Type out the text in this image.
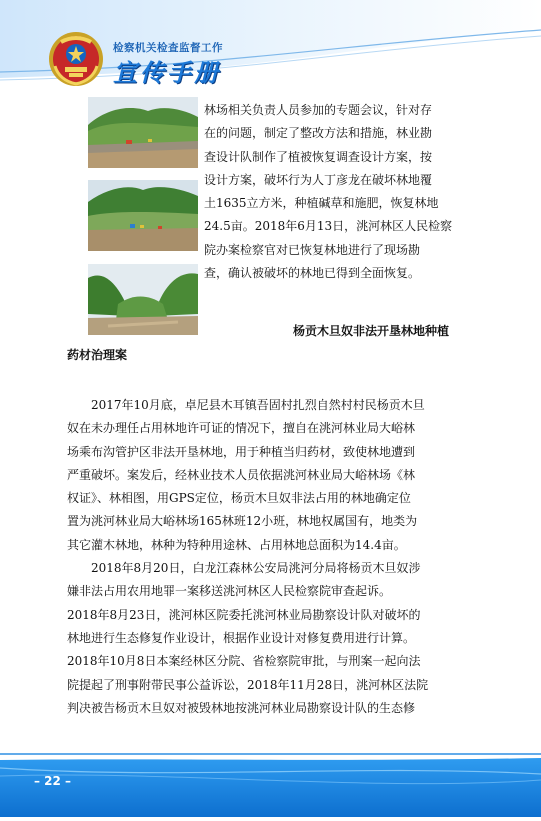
检察机关检查监督工作
宣传手册
林场相关负责人员参加的专题会议，针对存
在的问题，制定了整改方法和措施，林业勘
查设计队制作了植被恢复调查设计方案，按
设计方案，破坏行为人丁彦龙在破坏林地覆
土1635立方米，种植碱草和施肥，恢复林地
24.5亩。2018年6月13日，洮河林区人民检察
院办案检察官对已恢复林地进行了现场勘
查，确认被破坏的林地已得到全面恢复。
杨贡木旦奴非法开垦林地种植
药材治理案
2017年10月底，卓尼县木耳镇吾固村扎烈自然村村民杨贡木旦
奴在未办理任占用林地许可证的情况下，擅自在洮河林业局大峪林
场乘布沟管护区非法开垦林地，用于种植当归药材，致使林地遭到
严重破坏。案发后，经林业技术人员依据洮河林业局大峪林场《林
权证》、林相图，用GPS定位，杨贡木旦奴非法占用的林地确定位
置为洮河林业局大峪林场165林班12小班，林地权属国有，地类为
其它灌木林地，林种为特种用途林、占用林地总面积为14.4亩。
2018年8月20日，白龙江森林公安局洮河分局将杨贡木旦奴涉
嫌非法占用农用地罪一案移送洮河林区人民检察院审查起诉。
2018年8月23日，洮河林区院委托洮河林业局勘察设计队对破坏的
林地进行生态修复作业设计，根据作业设计对修复费用进行计算。
2018年10月8日本案经林区分院、省检察院审批，与刑案一起向法
院提起了刑事附带民事公益诉讼，2018年11月28日，洮河林区法院
判决被告杨贡木旦奴对被毁林地按洮河林业局勘察设计队的生态修
– 22 –
